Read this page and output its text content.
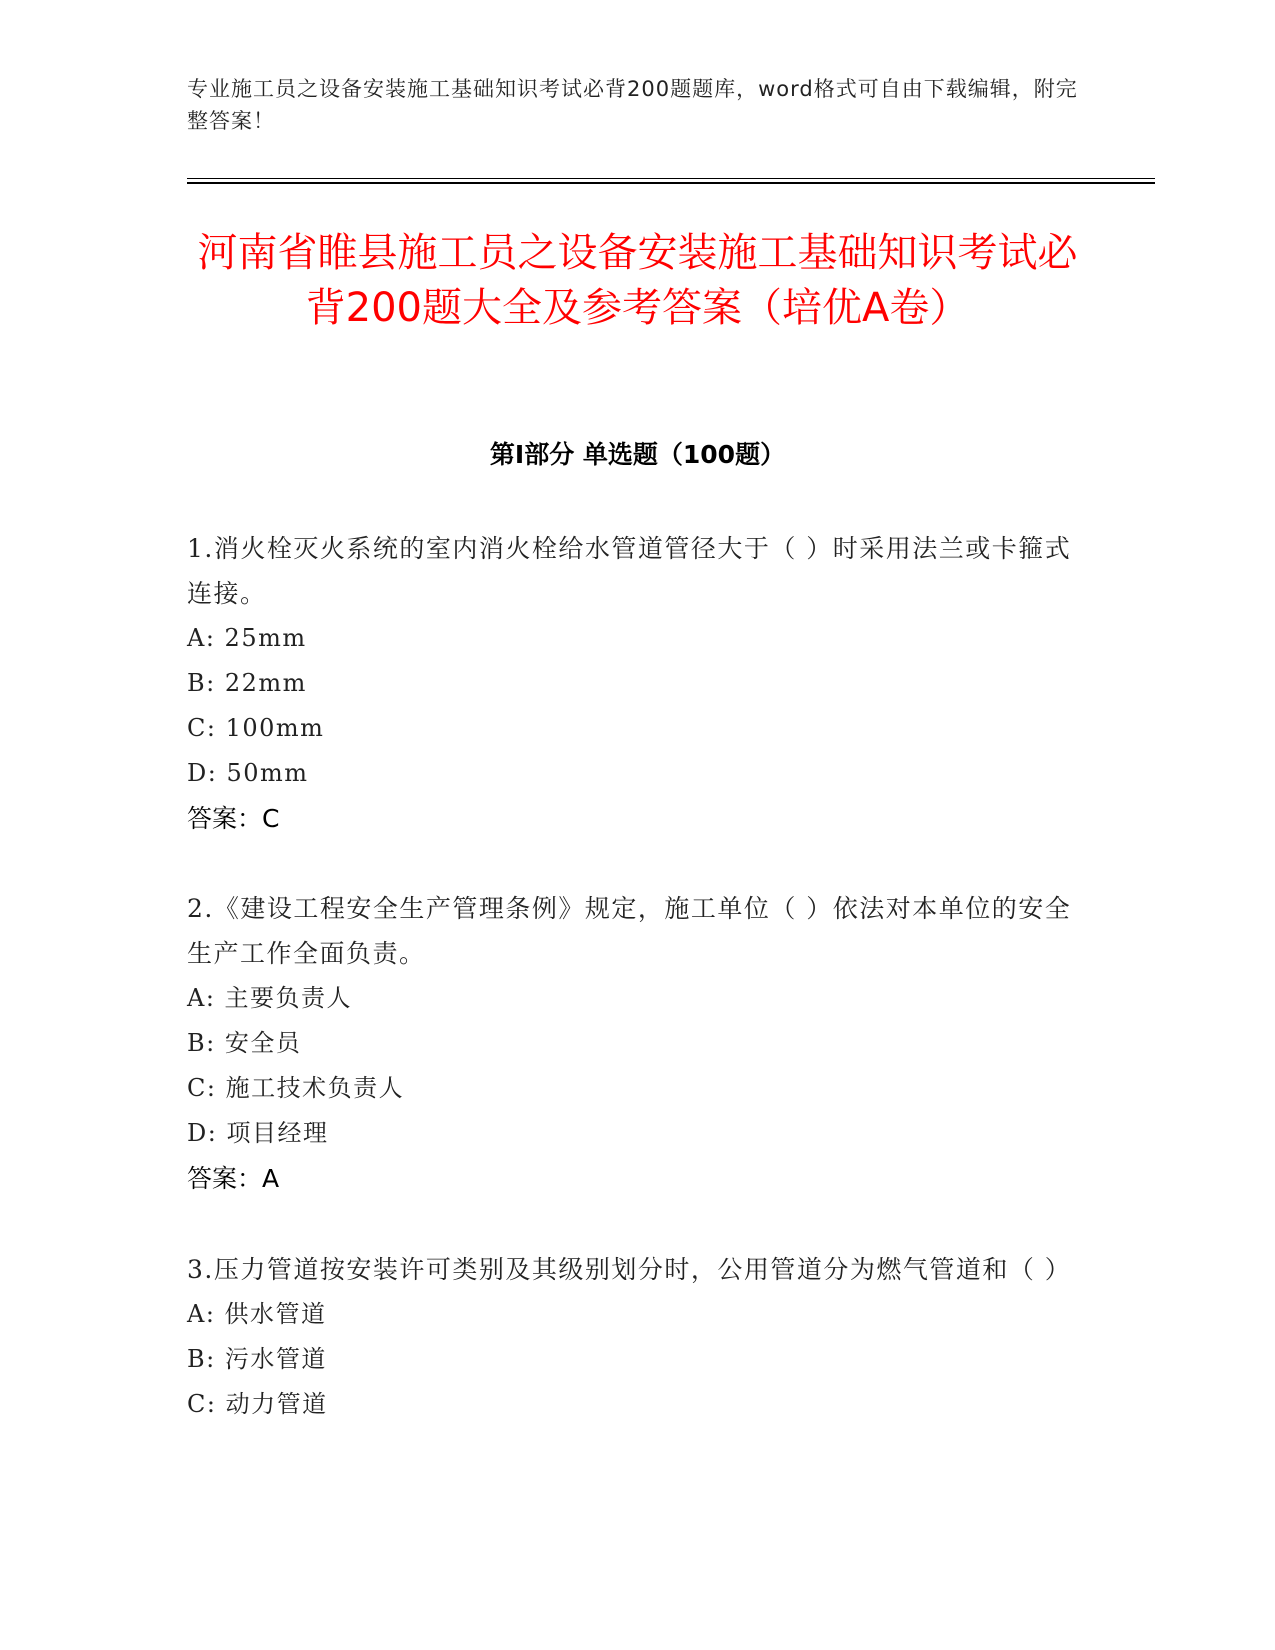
专业施工员之设备安装施工基础知识考试必背200题题库，word格式可自由下载编辑，附完整答案！

河南省睢县施工员之设备安装施工基础知识考试必背200题大全及参考答案（培优A卷）
第I部分 单选题（100题）

1.消火栓灭火系统的室内消火栓给水管道管径大于（ ）时采用法兰或卡箍式连接。

A: 25mm

B: 22mm

C: 100mm

D: 50mm

答案：C

2.《建设工程安全生产管理条例》规定，施工单位（ ）依法对本单位的安全生产工作全面负责。

A: 主要负责人

B: 安全员

C: 施工技术负责人

D: 项目经理

答案：A

3.压力管道按安装许可类别及其级别划分时，公用管道分为燃气管道和（ ）

A: 供水管道

B: 污水管道

C: 动力管道
